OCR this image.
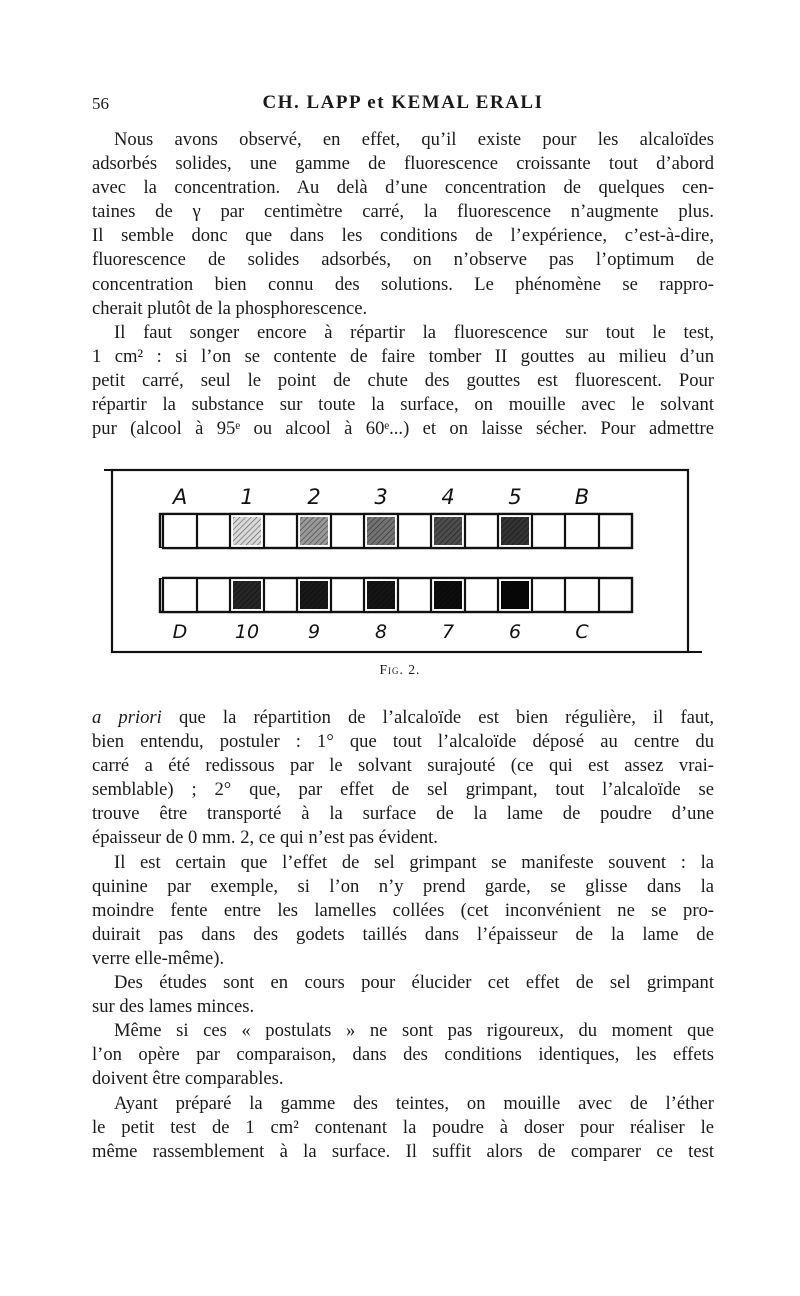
56	CH. LAPP et KEMAL ERALI
Nous avons observé, en effet, qu’il existe pour les alcaloïdes
adsorbés solides, une gamme de fluorescence croissante tout d’abord
avec la concentration. Au delà d’une concentration de quelques cen-
taines de γ par centimètre carré, la fluorescence n’augmente plus.
Il semble donc que dans les conditions de l’expérience, c’est-à-dire,
fluorescence de solides adsorbés, on n’observe pas l’optimum de
concentration bien connu des solutions. Le phénomène se rappro-
cherait plutôt de la phosphorescence.
Il faut songer encore à répartir la fluorescence sur tout le test,
1 cm² : si l’on se contente de faire tomber II gouttes au milieu d’un
petit carré, seul le point de chute des gouttes est fluorescent. Pour
répartir la substance sur toute la surface, on mouille avec le solvant
pur (alcool à 95ᵉ ou alcool à 60ᵉ...) et on laisse sécher. Pour admettre
A	1	2	3	4	5	B
D	10	9	8	7	6	C
Fig. 2.
a priori que la répartition de l’alcaloïde est bien régulière, il faut,
bien entendu, postuler : 1° que tout l’alcaloïde déposé au centre du
carré a été redissous par le solvant surajouté (ce qui est assez vrai-
semblable) ; 2° que, par effet de sel grimpant, tout l’alcaloïde se
trouve être transporté à la surface de la lame de poudre d’une
épaisseur de 0 mm. 2, ce qui n’est pas évident.
Il est certain que l’effet de sel grimpant se manifeste souvent : la
quinine par exemple, si l’on n’y prend garde, se glisse dans la
moindre fente entre les lamelles collées (cet inconvénient ne se pro-
duirait pas dans des godets taillés dans l’épaisseur de la lame de
verre elle-même).
Des études sont en cours pour élucider cet effet de sel grimpant
sur des lames minces.
Même si ces « postulats » ne sont pas rigoureux, du moment que
l’on opère par comparaison, dans des conditions identiques, les effets
doivent être comparables.
Ayant préparé la gamme des teintes, on mouille avec de l’éther
le petit test de 1 cm² contenant la poudre à doser pour réaliser le
même rassemblement à la surface. Il suffit alors de comparer ce test
